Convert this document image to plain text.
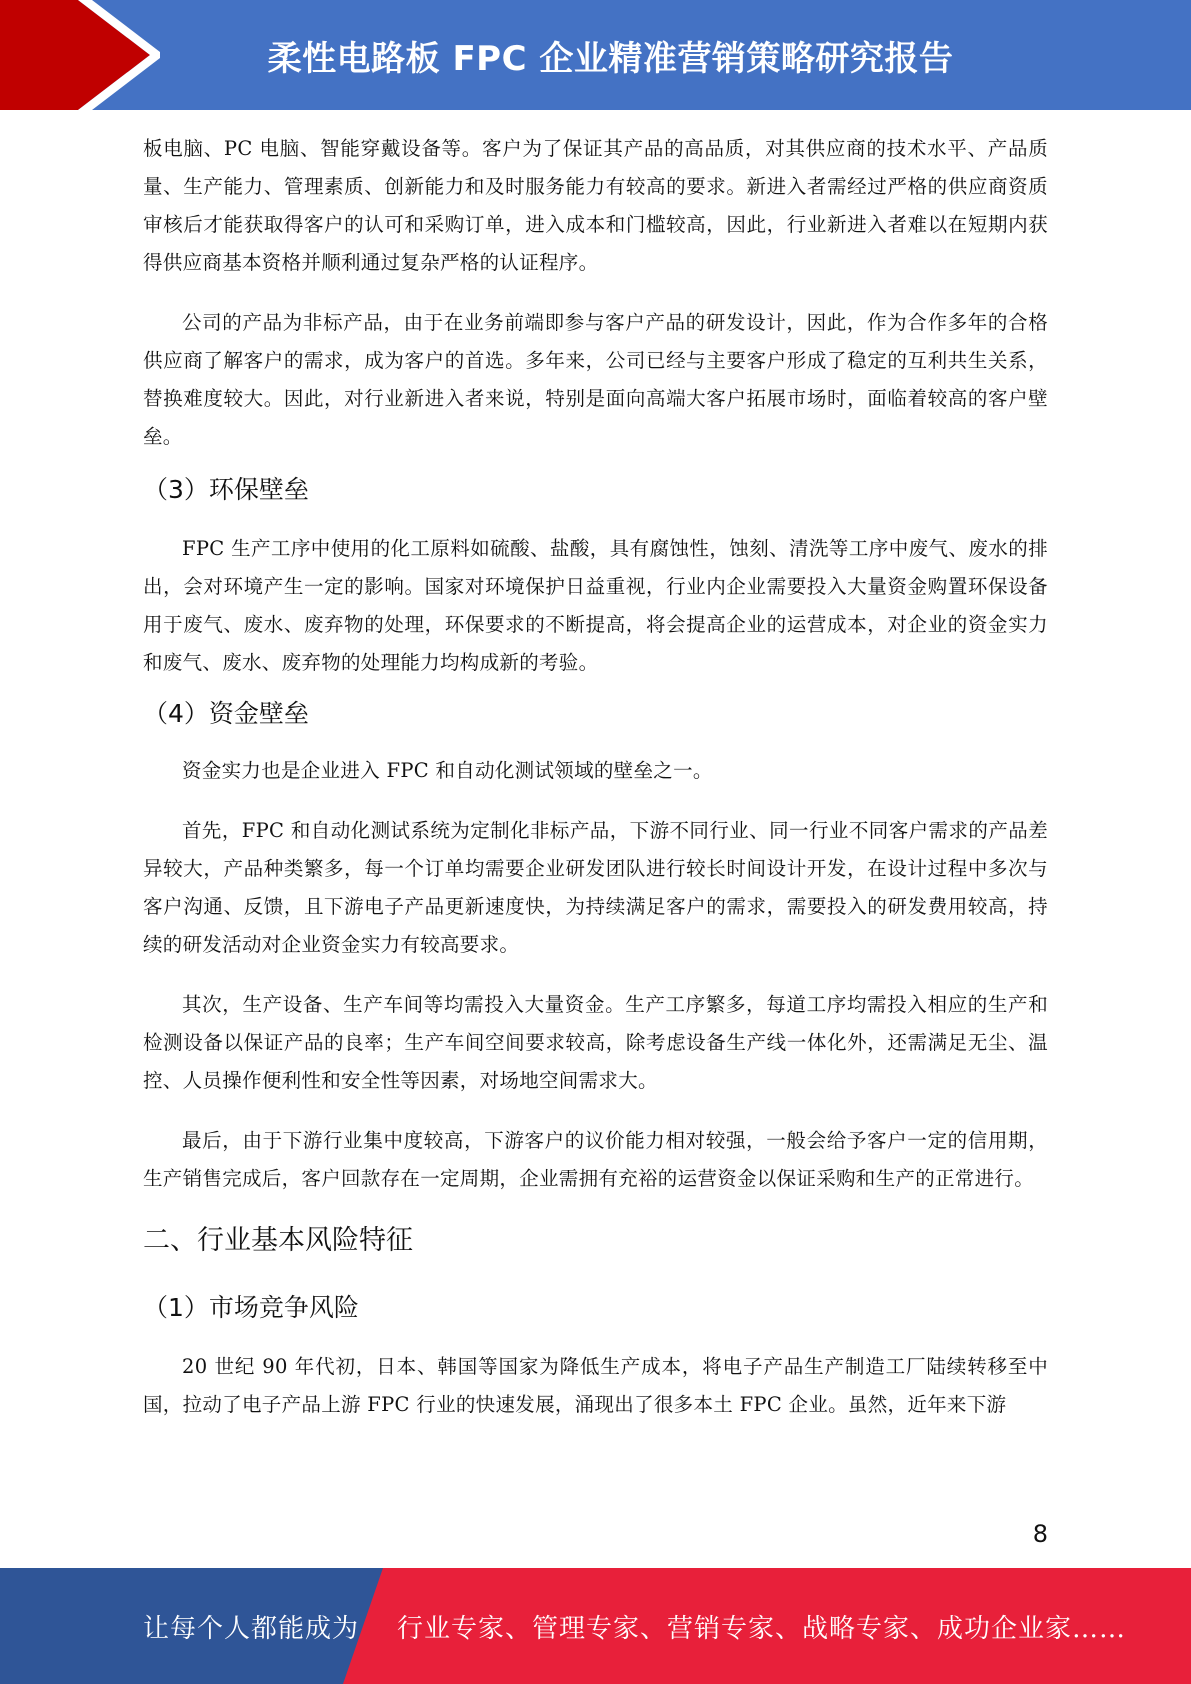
柔性电路板 FPC 企业精准营销策略研究报告

板电脑、PC 电脑、智能穿戴设备等。客户为了保证其产品的高品质，对其供应商的技术水平、产品质量、生产能力、管理素质、创新能力和及时服务能力有较高的要求。新进入者需经过严格的供应商资质审核后才能获取得客户的认可和采购订单，进入成本和门槛较高，因此，行业新进入者难以在短期内获得供应商基本资格并顺利通过复杂严格的认证程序。

公司的产品为非标产品，由于在业务前端即参与客户产品的研发设计，因此，作为合作多年的合格供应商了解客户的需求，成为客户的首选。多年来，公司已经与主要客户形成了稳定的互利共生关系，替换难度较大。因此，对行业新进入者来说，特别是面向高端大客户拓展市场时，面临着较高的客户壁垒。

（3）环保壁垒

FPC 生产工序中使用的化工原料如硫酸、盐酸，具有腐蚀性，蚀刻、清洗等工序中废气、废水的排出，会对环境产生一定的影响。国家对环境保护日益重视，行业内企业需要投入大量资金购置环保设备用于废气、废水、废弃物的处理，环保要求的不断提高，将会提高企业的运营成本，对企业的资金实力和废气、废水、废弃物的处理能力均构成新的考验。

（4）资金壁垒

资金实力也是企业进入 FPC 和自动化测试领域的壁垒之一。

首先，FPC 和自动化测试系统为定制化非标产品，下游不同行业、同一行业不同客户需求的产品差异较大，产品种类繁多，每一个订单均需要企业研发团队进行较长时间设计开发，在设计过程中多次与客户沟通、反馈，且下游电子产品更新速度快，为持续满足客户的需求，需要投入的研发费用较高，持续的研发活动对企业资金实力有较高要求。

其次，生产设备、生产车间等均需投入大量资金。生产工序繁多，每道工序均需投入相应的生产和检测设备以保证产品的良率；生产车间空间要求较高，除考虑设备生产线一体化外，还需满足无尘、温控、人员操作便利性和安全性等因素，对场地空间需求大。

最后，由于下游行业集中度较高，下游客户的议价能力相对较强，一般会给予客户一定的信用期，生产销售完成后，客户回款存在一定周期，企业需拥有充裕的运营资金以保证采购和生产的正常进行。

二、行业基本风险特征
（1）市场竞争风险

20 世纪 90 年代初，日本、韩国等国家为降低生产成本，将电子产品生产制造工厂陆续转移至中国，拉动了电子产品上游 FPC 行业的快速发展，涌现出了很多本土 FPC 企业。虽然，近年来下游

8
让每个人都能成为 行业专家、管理专家、营销专家、战略专家、成功企业家……
